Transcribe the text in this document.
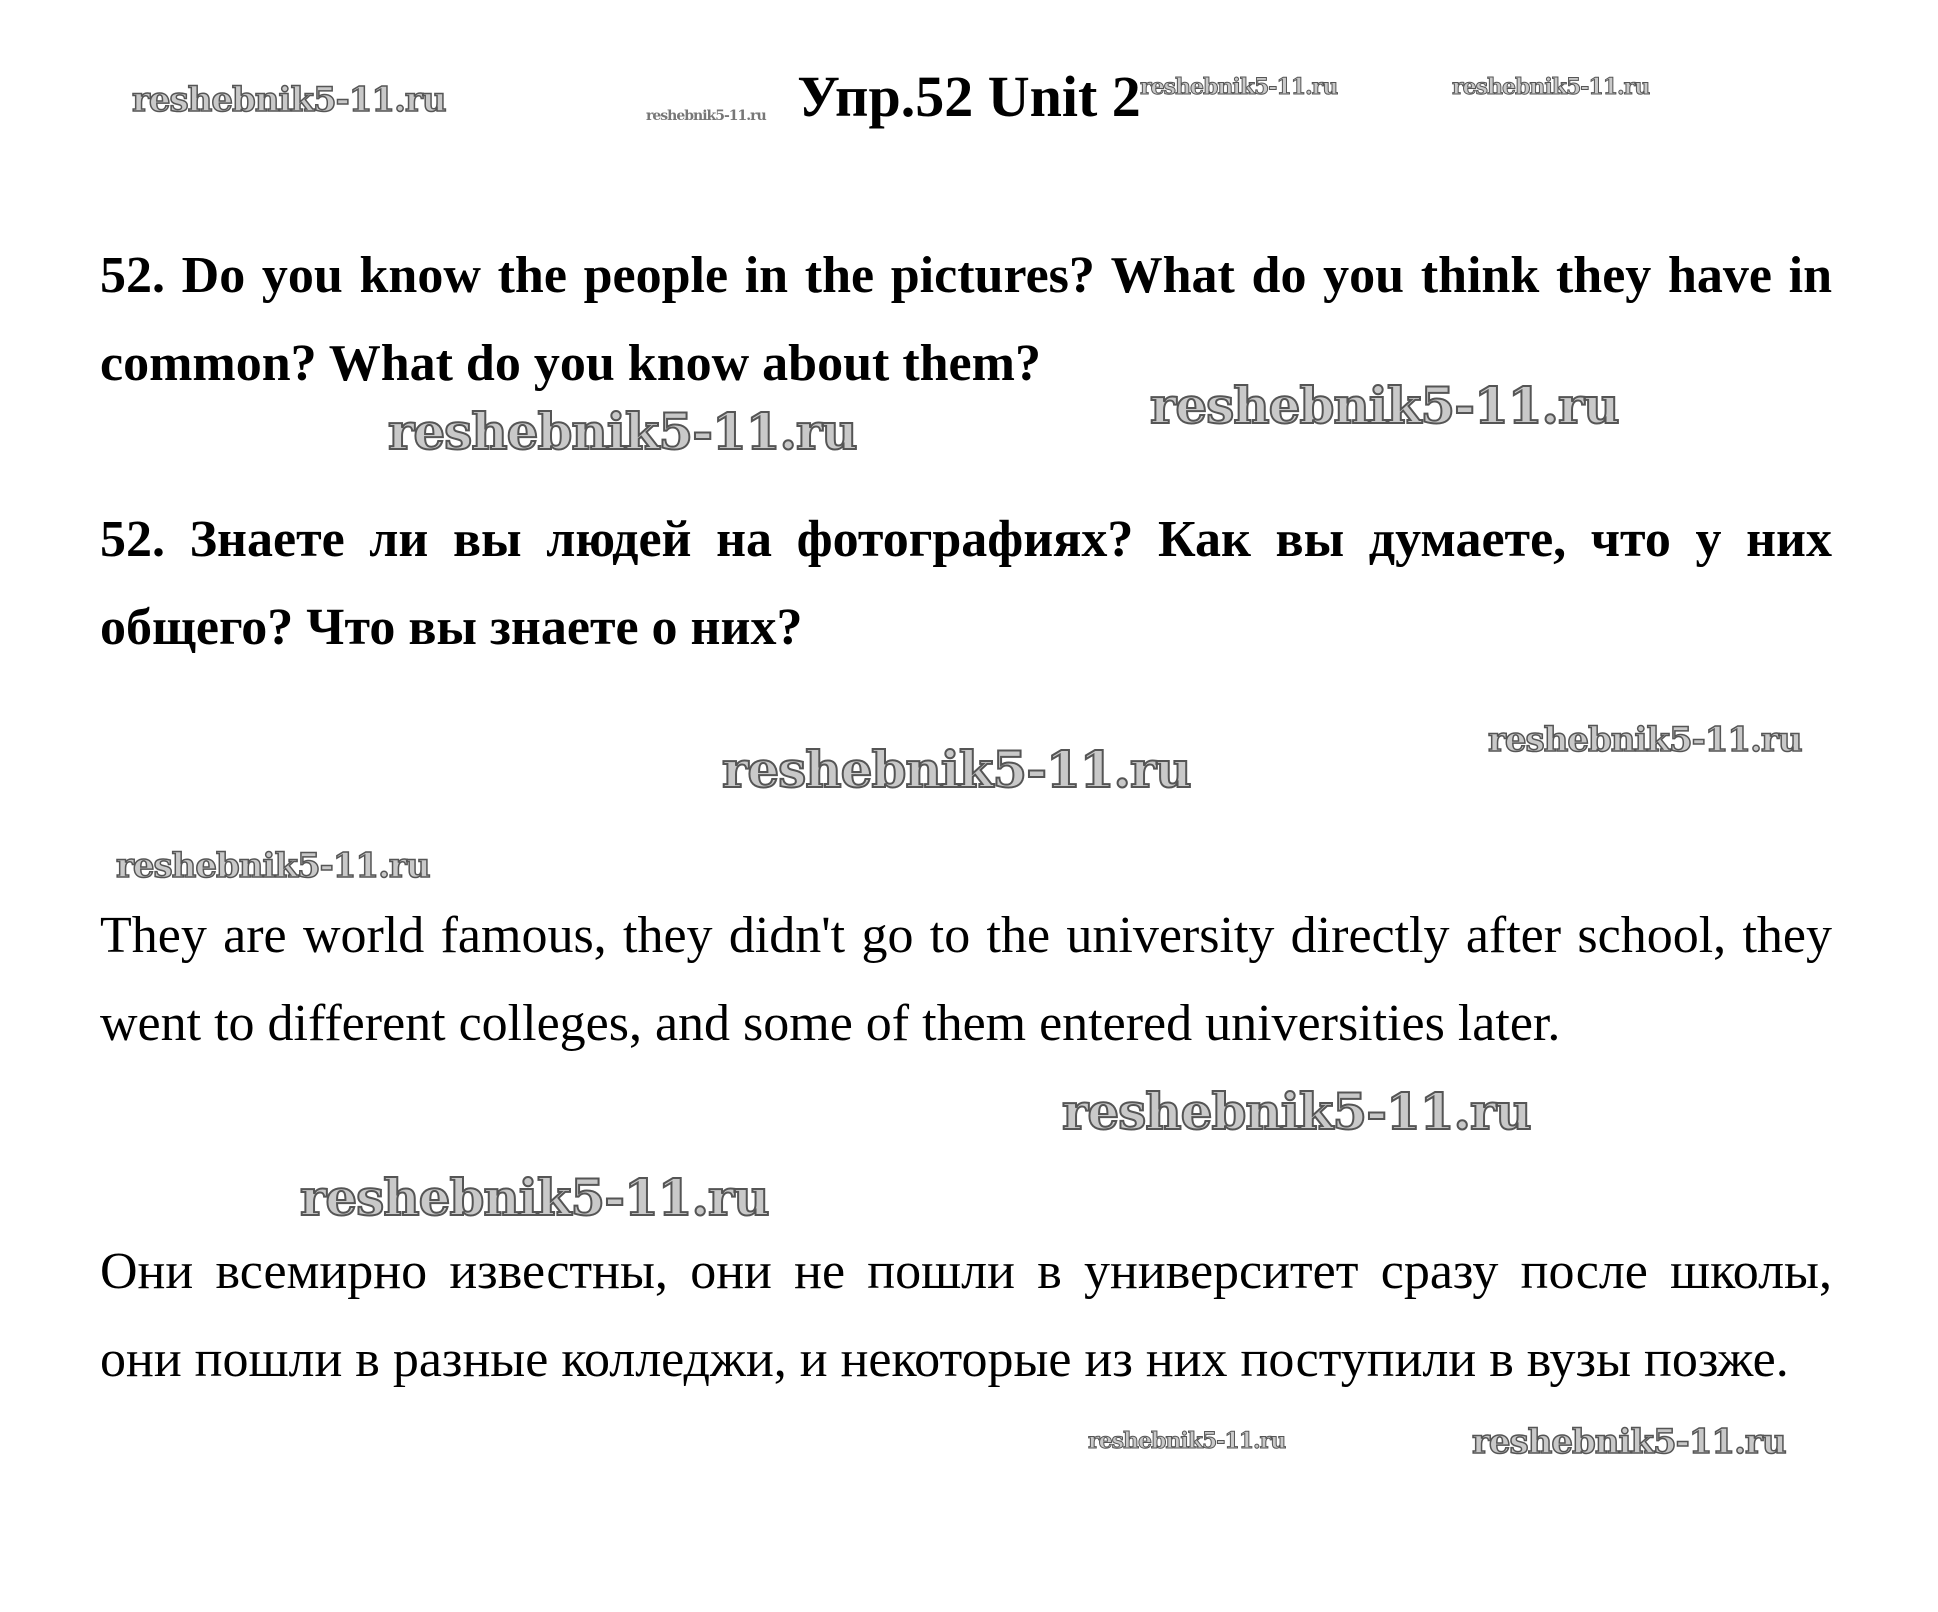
Упр.52 Unit 2
52. Do you know the people in the pictures? What do you think they have in common? What do you know about them?
52. Знаете ли вы людей на фотографиях? Как вы думаете, что у них общего? Что вы знаете о них?
They are world famous, they didn't go to the university directly after school, they went to different colleges, and some of them entered universities later.
Они всемирно известны, они не пошли в университет сразу после школы, они пошли в разные колледжи, и некоторые из них поступили в вузы позже.
reshebnik5-11.ru	reshebnik5-11.ru
reshebnik5-11.ru	reshebnik5-11.ru
reshebnik5-11.ru	reshebnik5-11.ru
reshebnik5-11.ru	reshebnik5-11.ru
reshebnik5-11.ru
reshebnik5-11.ru
reshebnik5-11.ru
reshebnik5-11.ru	reshebnik5-11.ru
